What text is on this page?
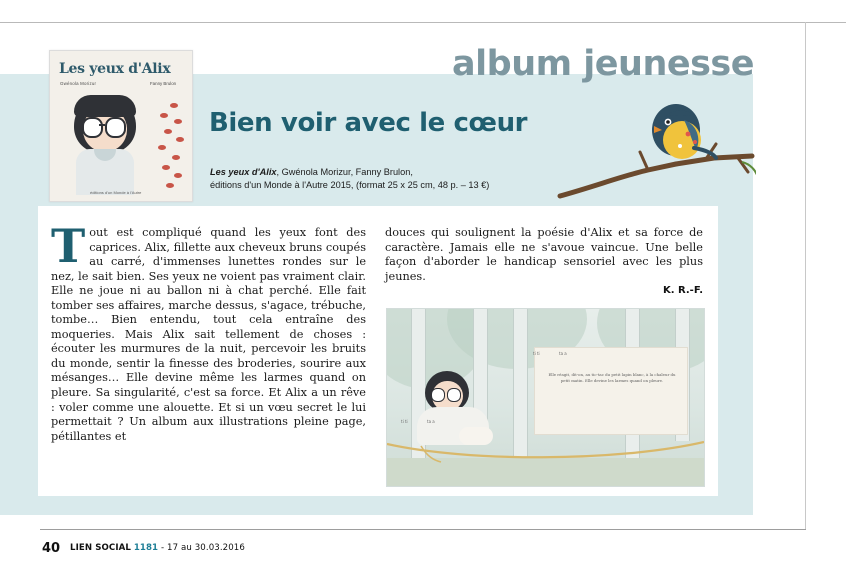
album jeunesse
Les yeux d'Alix
Gwénola Morizur	Fanny Brulon
éditions d'un Monde à l'Autre
Bien voir avec le cœur
Les yeux d'Alix, Gwénola Morizur, Fanny Brulon,
éditions d'un Monde à l'Autre 2015, (format 25 x 25 cm, 48 p. – 13 €)
Tout est compliqué quand les yeux font des caprices. Alix, fillette aux cheveux bruns coupés au carré, d'immenses lunettes rondes sur le nez, le sait bien. Ses yeux ne voient pas vraiment clair. Elle ne joue ni au ballon ni à chat perché. Elle fait tomber ses affaires, marche dessus, s'agace, trébuche, tombe… Bien entendu, tout cela entraîne des moqueries. Mais Alix sait tellement de choses : écouter les murmures de la nuit, percevoir les bruits du monde, sentir la finesse des broderies, sourire aux mésanges… Elle devine même les larmes quand on pleure. Sa singularité, c'est sa force. Et Alix a un rêve : voler comme une alouette. Et si un vœu secret le lui permettait ? Un album aux illustrations pleine page, pétillantes et
douces qui soulignent la poésie d'Alix et sa force de caractère. Jamais elle ne s'avoue vaincue. Une belle façon d'aborder le handicap sensoriel avec les plus jeunes.
K. R.-F.
Elle réagit, dit-on, au tic-tac du petit lapin blanc, à la chaleur du petit matin. Elle devine les larmes quand on pleure.
ti ti	ta a
ti ti	ta a
40 LIEN SOCIAL 1181 - 17 au 30.03.2016
